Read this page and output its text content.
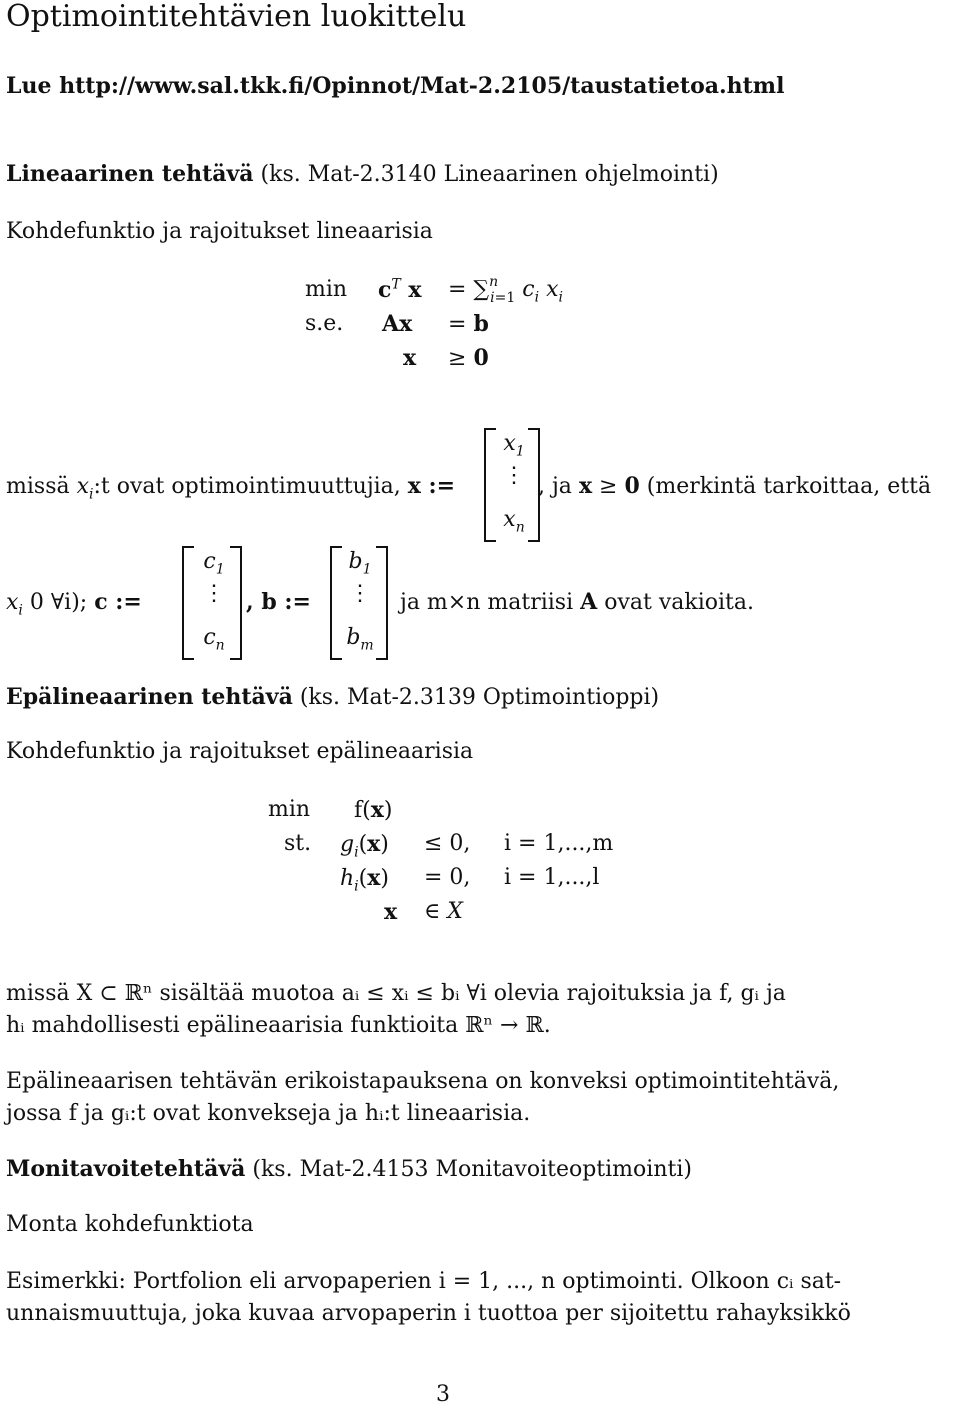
Optimointitehtävien luokittelu
Lue http://www.sal.tkk.fi/Opinnot/Mat-2.2105/taustatietoa.html
Lineaarinen tehtävä (ks. Mat-2.3140 Lineaarinen ohjelmointi)
Kohdefunktio ja rajoitukset lineaarisia
$\min c^T$ x = ∑$^n_{i=1}$ $c_i$ $x_i$
s.e. Ax = b
x ≥ 0
missä $x_i:t$ ovat optimointimuuttujia, x :=
$x_1$
⋮
$x_n$
, ja x ≥ 0 (merkintä tarkoittaa, että
$x_i$ 0 ∀i); c :=
$c_1$
⋮
$c_n$
, b :=
$b_1$
⋮
$b_m$
ja m×n matriisi A ovat vakioita.
Epälineaarinen tehtävä (ks. Mat-2.3139 Optimointioppi)
Kohdefunktio ja rajoitukset epälineaarisia
min f(x)
st. $g_i(x) \le 0$, i = 1,...,m
$h_i(x) = 0$, i = 1,...,l
x ∈ X
missä X ⊂ ℝⁿ sisältää muotoa aᵢ ≤ xᵢ ≤ bᵢ ∀i olevia rajoituksia ja f, gᵢ ja
hᵢ mahdollisesti epälineaarisia funktioita ℝⁿ → ℝ.
Epälineaarisen tehtävän erikoistapauksena on konveksi optimointitehtävä,
jossa f ja gᵢ:t ovat konvekseja ja hᵢ:t lineaarisia.
Monitavoitetehtävä (ks. Mat-2.4153 Monitavoiteoptimointi)
Monta kohdefunktiota
Esimerkki: Portfolion eli arvopaperien i = 1, ..., n optimointi. Olkoon cᵢ sat-
unnaismuuttuja, joka kuvaa arvopaperin i tuottoa per sijoitettu rahayksikkö
3
